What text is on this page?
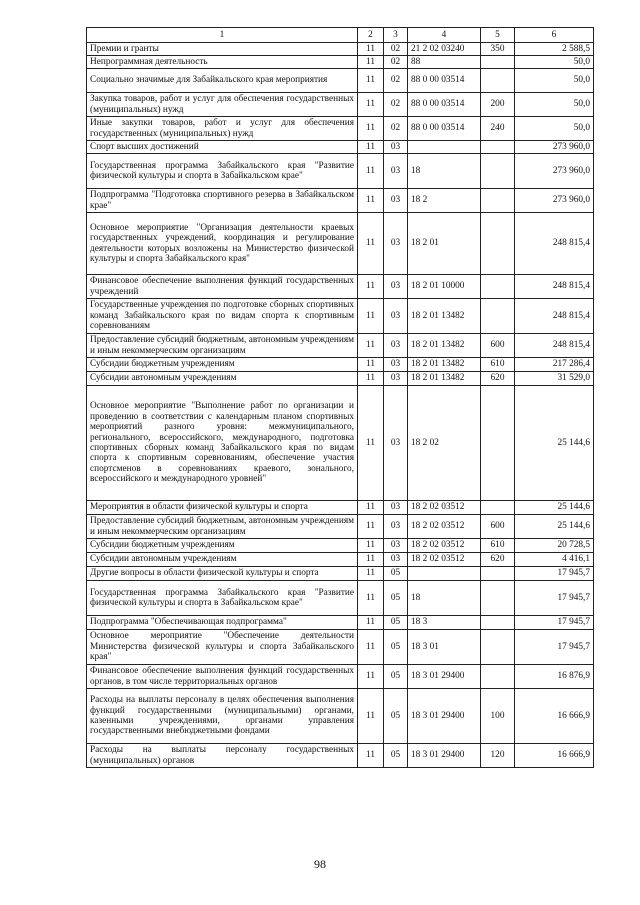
1	2	3	4	5	6
Премии и гранты	11	02	21 2 02 03240	350	2 588,5
Непрограммная деятельность	11	02	88		50,0
Социально значимые для Забайкальского края мероприятия	11	02	88 0 00 03514		50,0
Закупка товаров, работ и услуг для обеспечения государственных (муниципальных) нужд	11	02	88 0 00 03514	200	50,0
Иные закупки товаров, работ и услуг для обеспечения государственных (муниципальных) нужд	11	02	88 0 00 03514	240	50,0
Спорт высших достижений	11	03			273 960,0
Государственная программа Забайкальского края "Развитие физической культуры и спорта в Забайкальском крае"	11	03	18		273 960,0
Подпрограмма "Подготовка спортивного резерва в Забайкальском крае"	11	03	18 2		273 960,0
Основное мероприятие "Организация деятельности краевых государственных учреждений, координация и регулирование деятельности которых возложены на Министерство физической культуры и спорта Забайкальского края"	11	03	18 2 01		248 815,4
Финансовое обеспечение выполнения функций государственных учреждений	11	03	18 2 01 10000		248 815,4
Государственные учреждения по подготовке сборных спортивных команд Забайкальского края по видам спорта к спортивным соревнованиям	11	03	18 2 01 13482		248 815,4
Предоставление субсидий бюджетным, автономным учреждениям и иным некоммерческим организациям	11	03	18 2 01 13482	600	248 815,4
Субсидии бюджетным учреждениям	11	03	18 2 01 13482	610	217 286,4
Субсидии автономным учреждениям	11	03	18 2 01 13482	620	31 529,0
Основное мероприятие "Выполнение работ по организации и проведению в соответствии с календарным планом спортивных мероприятий разного уровня: межмуниципального, регионального, всероссийского, международного, подготовка спортивных сборных команд Забайкальского края по видам спорта к спортивным соревнованиям, обеспечение участия спортсменов в соревнованиях краевого, зонального, всероссийского и международного уровней"	11	03	18 2 02		25 144,6
Мероприятия в области физической культуры и спорта	11	03	18 2 02 03512		25 144,6
Предоставление субсидий бюджетным, автономным учреждениям и иным некоммерческим организациям	11	03	18 2 02 03512	600	25 144,6
Субсидии бюджетным учреждениям	11	03	18 2 02 03512	610	20 728,5
Субсидии автономным учреждениям	11	03	18 2 02 03512	620	4 416,1
Другие вопросы в области физической культуры и спорта	11	05			17 945,7
Государственная программа Забайкальского края "Развитие физической культуры и спорта в Забайкальском крае"	11	05	18		17 945,7
Подпрограмма "Обеспечивающая подпрограмма"	11	05	18 3		17 945,7
Основное мероприятие "Обеспечение деятельности Министерства физической культуры и спорта Забайкальского края"	11	05	18 3 01		17 945,7
Финансовое обеспечение выполнения функций государственных органов, в том числе территориальных органов	11	05	18 3 01 29400		16 876,9
Расходы на выплаты персоналу в целях обеспечения выполнения функций государственными (муниципальными) органами, казенными учреждениями, органами управления государственными внебюджетными фондами	11	05	18 3 01 29400	100	16 666,9
Расходы на выплаты персоналу государственных (муниципальных) органов	11	05	18 3 01 29400	120	16 666,9
98
